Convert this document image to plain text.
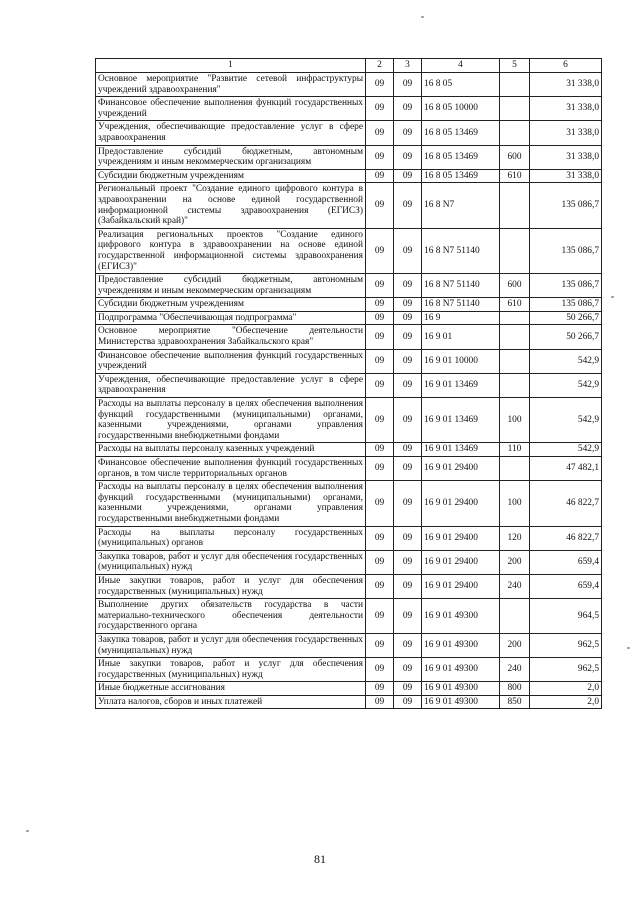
1	2	3	4	5	6
Основное мероприятие "Развитие сетевой инфраструктуры учреждений здравоохранения"	09	09	16 8 05		31 338,0
Финансовое обеспечение выполнения функций государственных учреждений	09	09	16 8 05 10000		31 338,0
Учреждения, обеспечивающие предоставление услуг в сфере здравоохранения	09	09	16 8 05 13469		31 338,0
Предоставление субсидий бюджетным, автономным учреждениям и иным некоммерческим организациям	09	09	16 8 05 13469	600	31 338,0
Субсидии бюджетным учреждениям	09	09	16 8 05 13469	610	31 338,0
Региональный проект "Создание единого цифрового контура в здравоохранении на основе единой государственной информационной системы здравоохранения (ЕГИСЗ) (Забайкальский край)"	09	09	16 8 N7		135 086,7
Реализация региональных проектов "Создание единого цифрового контура в здравоохранении на основе единой государственной информационной системы здравоохранения (ЕГИСЗ)"	09	09	16 8 N7 51140		135 086,7
Предоставление субсидий бюджетным, автономным учреждениям и иным некоммерческим организациям	09	09	16 8 N7 51140	600	135 086,7
Субсидии бюджетным учреждениям	09	09	16 8 N7 51140	610	135 086,7
Подпрограмма "Обеспечивающая подпрограмма"	09	09	16 9		50 266,7
Основное мероприятие "Обеспечение деятельности Министерства здравоохранения Забайкальского края"	09	09	16 9 01		50 266,7
Финансовое обеспечение выполнения функций государственных учреждений	09	09	16 9 01 10000		542,9
Учреждения, обеспечивающие предоставление услуг в сфере здравоохранения	09	09	16 9 01 13469		542,9
Расходы на выплаты персоналу в целях обеспечения выполнения функций государственными (муниципальными) органами, казенными учреждениями, органами управления государственными внебюджетными фондами	09	09	16 9 01 13469	100	542,9
Расходы на выплаты персоналу казенных учреждений	09	09	16 9 01 13469	110	542,9
Финансовое обеспечение выполнения функций государственных органов, в том числе территориальных органов	09	09	16 9 01 29400		47 482,1
Расходы на выплаты персоналу в целях обеспечения выполнения функций государственными (муниципальными) органами, казенными учреждениями, органами управления государственными внебюджетными фондами	09	09	16 9 01 29400	100	46 822,7
Расходы на выплаты персоналу государственных (муниципальных) органов	09	09	16 9 01 29400	120	46 822,7
Закупка товаров, работ и услуг для обеспечения государственных (муниципальных) нужд	09	09	16 9 01 29400	200	659,4
Иные закупки товаров, работ и услуг для обеспечения государственных (муниципальных) нужд	09	09	16 9 01 29400	240	659,4
Выполнение других обязательств государства в части материально-технического обеспечения деятельности государственного органа	09	09	16 9 01 49300		964,5
Закупка товаров, работ и услуг для обеспечения государственных (муниципальных) нужд	09	09	16 9 01 49300	200	962,5
Иные закупки товаров, работ и услуг для обеспечения государственных (муниципальных) нужд	09	09	16 9 01 49300	240	962,5
Иные бюджетные ассигнования	09	09	16 9 01 49300	800	2,0
Уплата налогов, сборов и иных платежей	09	09	16 9 01 49300	850	2,0
81
